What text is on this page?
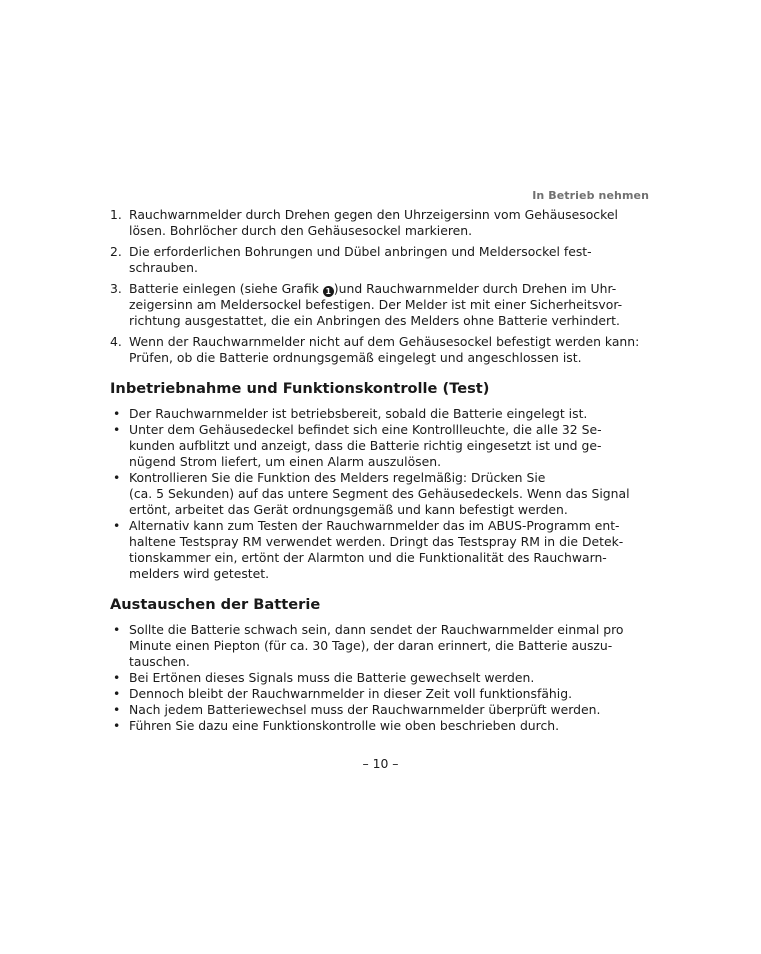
In Betrieb nehmen
1. Rauchwarnmelder durch Drehen gegen den Uhrzeigersinn vom Gehäusesockel
lösen. Bohrlöcher durch den Gehäusesockel markieren.
2. Die erforderlichen Bohrungen und Dübel anbringen und Meldersockel fest-
schrauben.
3. Batterie einlegen (siehe Grafik 1 )und Rauchwarnmelder durch Drehen im Uhr-
zeigersinn am Meldersockel befestigen. Der Melder ist mit einer Sicherheitsvor-
richtung ausgestattet, die ein Anbringen des Melders ohne Batterie verhindert.
4. Wenn der Rauchwarnmelder nicht auf dem Gehäusesockel befestigt werden kann:
Prüfen, ob die Batterie ordnungsgemäß eingelegt und angeschlossen ist.
Inbetriebnahme und Funktionskontrolle (Test)
• Der Rauchwarnmelder ist betriebsbereit, sobald die Batterie eingelegt ist.
• Unter dem Gehäusedeckel befindet sich eine Kontrollleuchte, die alle 32 Se-
kunden aufblitzt und anzeigt, dass die Batterie richtig eingesetzt ist und ge-
nügend Strom liefert, um einen Alarm auszulösen.
• Kontrollieren Sie die Funktion des Melders regelmäßig: Drücken Sie
(ca. 5 Sekunden) auf das untere Segment des Gehäusedeckels. Wenn das Signal
ertönt, arbeitet das Gerät ordnungsgemäß und kann befestigt werden.
• Alternativ kann zum Testen der Rauchwarnmelder das im ABUS-Programm ent-
haltene Testspray RM verwendet werden. Dringt das Testspray RM in die Detek-
tionskammer ein, ertönt der Alarmton und die Funktionalität des Rauchwarn-
melders wird getestet.
Austauschen der Batterie
• Sollte die Batterie schwach sein, dann sendet der Rauchwarnmelder einmal pro
Minute einen Piepton (für ca. 30 Tage), der daran erinnert, die Batterie auszu-
tauschen.
• Bei Ertönen dieses Signals muss die Batterie gewechselt werden.
• Dennoch bleibt der Rauchwarnmelder in dieser Zeit voll funktionsfähig.
• Nach jedem Batteriewechsel muss der Rauchwarnmelder überprüft werden.
• Führen Sie dazu eine Funktionskontrolle wie oben beschrieben durch.
– 10 –
